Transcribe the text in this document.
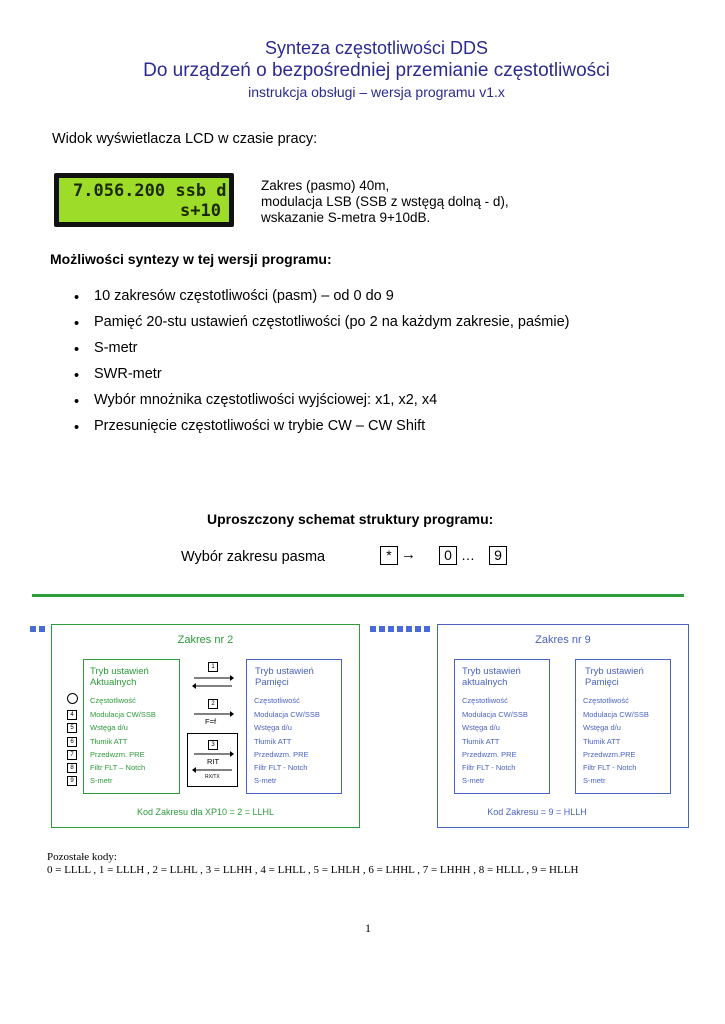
Synteza częstotliwości DDS
Do urządzeń o bezpośredniej przemianie częstotliwości
instrukcja obsługi – wersja programu v1.x
Widok wyświetlacza LCD w czasie pracy:
7.056.200 ssb d
s+10
Zakres (pasmo) 40m,
modulacja LSB (SSB z wstęgą dolną - d),
wskazanie S-metra 9+10dB.
Możliwości syntezy w tej wersji programu:
• 10 zakresów częstotliwości (pasm) – od 0 do 9
• Pamięć 20-stu ustawień częstotliwości (po 2 na każdym zakresie, paśmie)
• S-metr
• SWR-metr
• Wybór mnożnika częstotliwości wyjściowej: x1, x2, x4
• Przesunięcie częstotliwości w trybie CW – CW Shift
Uproszczony schemat struktury programu:
Wybór zakresu pasma	* →	0 …	9
Zakres nr 2
Tryb ustawień
Aktualnych
Częstotliwość
Modulacja CW/SSB
Wstęga d/u
Tłumik ATT
Przedwzm. PRE
Filtr FLT – Notch
S-metr
4
5
6
7
8
9
1
2
F=f
3
RIT
RX/TX
Tryb ustawień
Pamięci
Częstotliwość
Modulacja CW/SSB
Wstęga d/u
Tłumik ATT
Przedwzm. PRE
Filtr FLT - Notch
S-metr
Kod Zakresu dla XP10 = 2 = LLHL
Zakres nr 9
Tryb ustawień
aktualnych
Częstotliwość
Modulacja CW/SSB
Wstęga d/u
Tłumik ATT
Przedwzm. PRE
Filtr FLT - Notch
S-metr
Tryb ustawień
Pamięci
Częstotliwość
Modulacja CW/SSB
Wstęga d/u
Tłumik ATT
Przedwzm.PRE
Filtr FLT - Notch
S-metr
Kod Zakresu = 9 = HLLH
Pozostałe kody:
0 = LLLL , 1 = LLLH , 2 = LLHL , 3 = LLHH , 4 = LHLL , 5 = LHLH , 6 = LHHL , 7 = LHHH , 8 = HLLL , 9 = HLLH
1
